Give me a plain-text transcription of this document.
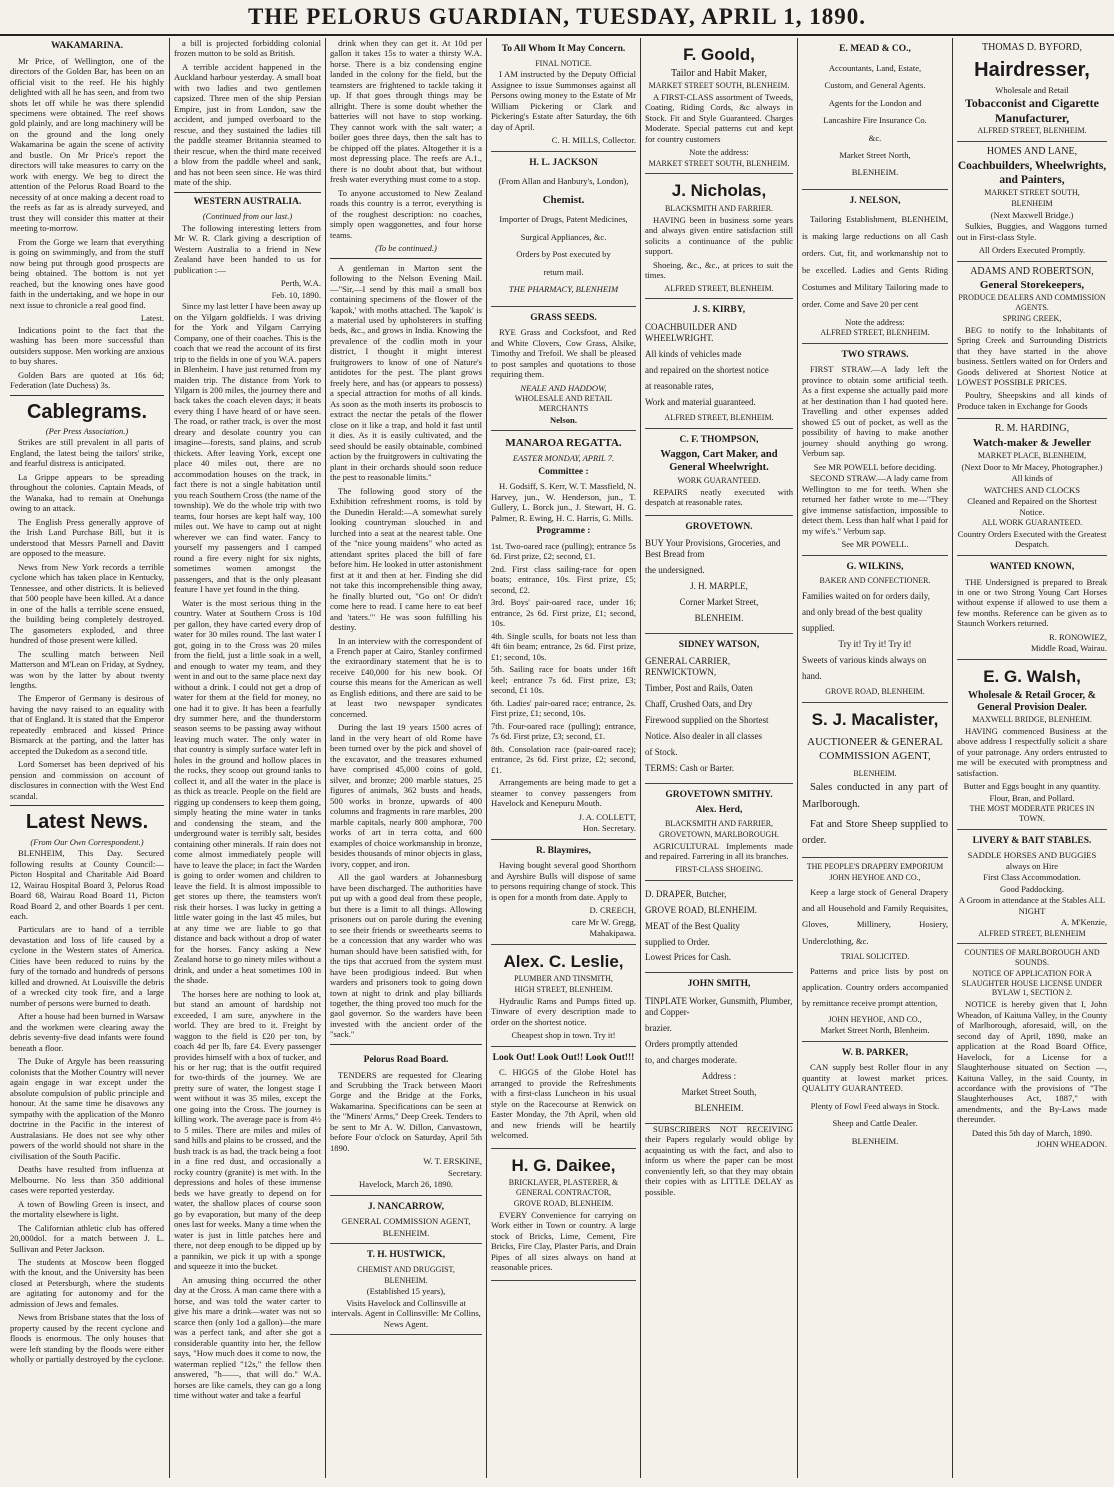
THE PELORUS GUARDIAN, TUESDAY, APRIL 1, 1890.
WAKAMARINA.

Mr Price, of Wellington, one of the directors of the Golden Bar, has been on an official visit to the reef. He his highly delighted with all he has seen, and from two shots let off while he was there splendid specimens were obtained. The reef shows gold plainly, and are long machinery will be on the ground and the long onely Wakamarina be again the scene of activity and bustle. On Mr Price's report the directors will take measures to carry on the work with energy. We beg to direct the attention of the Pelorus Road Board to the necessity of at once making a decent road to the reefs as far as is already surveyed, and trust they will consider this matter at their meeting to-morrow.

From the Gorge we learn that everything is going on swimmingly, and from the stuff now being put through good prospects are being obtained. The bottom is not yet reached, but the knowing ones have good faith in the undertaking, and we hope in our next issue to chronicle a real good find.

Latest.

Indications point to the fact that the washing has been more successful than outsiders suppose. Men working are anxious to buy shares.

Golden Bars are quoted at 16s 6d; Federation (late Duchess) 3s.

Cablegrams.
(Per Press Association.)

Strikes are still prevalent in all parts of England, the latest being the tailors' strike, and fearful distress is anticipated.

La Grippe appears to be spreading throughout the colonies. Captain Meads, of the Wanaka, had to remain at Onehunga owing to an attack.

The English Press generally approve of the Irish Land Purchase Bill, but it is understood that Messrs Parnell and Davitt are opposed to the measure.

News from New York records a terrible cyclone which has taken place in Kentucky, Tennessee, and other districts. It is believed that 500 people have been killed. At a dance in one of the halls a terrible scene ensued, the building being completely destroyed. The gasometers exploded, and three hundred of those present were killed.

The sculling match between Neil Matterson and M'Lean on Friday, at Sydney, was won by the latter by about twenty lengths.

The Emperor of Germany is desirous of having the navy raised to an equality with that of England. It is stated that the Emperor repeatedly embraced and kissed Prince Bismarck at the parting, and the latter has accepted the Dukedom as a second title.

Lord Somerset has been deprived of his pension and commission on account of disclosures in connection with the West End scandal.

Latest News.
(From Our Own Correspondent.)

BLENHEIM, This Day. Secured following results at County Council:—Picton Hospital and Charitable Aid Board 12, Wairau Hospital Board 3, Pelorus Road Board 68, Wairau Road Board 11, Picton Road Board 2, and other Boards 1 per cent. each.

Particulars are to hand of a terrible devastation and loss of life caused by a cyclone in the Western states of America. Cities have been reduced to ruins by the fury of the tornado and hundreds of persons killed and drowned. At Louisville the debris of a wrecked city took fire, and a large number of persons were burned to death.

After a house had been burned in Warsaw and the workmen were clearing away the debris seventy-five dead infants were found beneath a floor.

The Duke of Argyle has been reassuring colonists that the Mother Country will never again engage in war except under the absolute compulsion of public principle and honour. At the same time he disavows any sympathy with the application of the Monro doctrine in the Pacific in the interest of Australasians. He does not see why other powers of the world should not share in the civilisation of the South Pacific.

Deaths have resulted from influenza at Melbourne. No less than 350 additional cases were reported yesterday.

A town of Bowling Green is insect, and the mortality elsewhere is light.

The Californian athletic club has offered 20,000dol. for a match between J. L. Sullivan and Peter Jackson.

The students at Moscow been flogged with the knout, and the University has been closed at Petersburgh, where the students are agitating for autonomy and for the admission of Jews and females.

News from Brisbane states that the loss of property caused by the recent cyclone and floods is enormous. The only houses that were left standing by the floods were either wholly or partially destroyed by the cyclone.

a bill is projected forbidding colonial frozen mutton to be sold as British.

A terrible accident happened in the Auckland harbour yesterday. A small boat with two ladies and two gentlemen capsized. Three men of the ship Persian Empire, just in from London, saw the accident, and jumped overboard to the rescue, and they sustained the ladies till the paddle steamer Britannia steamed to their rescue, when the third mate received a blow from the paddle wheel and sank, and has not been seen since. He was third mate of the ship.

WESTERN AUSTRALIA.
(Continued from our last.)

The following interesting letters from Mr W. R. Clark giving a description of Western Australia to a friend in New Zealand have been handed to us for publication :—

Perth, W.A.
Feb. 10, 1890.

Since my last letter I have been away up on the Yilgarn goldfields. I was driving for the York and Yilgarn Carrying Company, one of their coaches. This is the coach that we read the account of its first trip to the fields in one of you W.A. papers in Blenheim. I have just returned from my maiden trip. The distance from York to Yilgarn is 200 miles, the journey there and back takes the coach eleven days; it beats every thing I have heard of or have seen. The road, or rather track, is over the most dreary and desolate country you can imagine—forests, sand plains, and scrub thickets. After leaving York, except one place 40 miles out, there are no accommodation houses on the track, in fact there is not a single habitation until you reach Southern Cross (the name of the township). We do the whole trip with two teams, four horses are kept half way, 100 miles out. We have to camp out at night wherever we can find water. Fancy to yourself my passengers and I camped round a fire every night for six nights, sometimes women amongst the passengers, and that is the only pleasant feature I have yet found in the thing.

Water is the most serious thing in the country. Water at Southern Cross is 10d per gallon, they have carted every drop of water for 30 miles round. The last water I got, going in to the Cross was 20 miles from the field, just a little soak in a well, and enough to water my team, and they went in and out to the same place next day without a drink. I could not get a drop of water for them at the field for money, no one had it to give. It has been a fearfully dry summer here, and the thunderstorm season seems to be passing away without leaving much water. The only water in that country is simply surface water left in holes in the ground and hollow places in the rocks, they scoop out ground tanks to collect it, and all the water in the place is as thick as treacle. People on the field are rigging up condensers to keep them going, simply heating the mine water in tanks and condensing the steam, and the underground water is terribly salt, besides containing other minerals. If rain does not come almost immediately people will have to leave the place; in fact the Warden is going to order women and children to leave the field. It is almost impossible to get stores up there, the teamsters won't risk their horses. I was lucky in getting a little water going in the last 45 miles, but at any time we are liable to go that distance and back without a drop of water for the horses. Fancy asking a New Zealand horse to go ninety miles without a drink, and under a heat sometimes 100 in the shade.

The horses here are nothing to look at, but stand an amount of hardship not exceeded, I am sure, anywhere in the world. They are bred to it. Freight by waggon to the field is £20 per ton, by coach 4d per lb, fare £4. Every passenger provides himself with a box of tucker, and his or her rug; that is the outfit required for two-thirds of the journey. We are pretty sure of water, the longest stage I went without it was 35 miles, except the one going into the Cross. The journey is killing work. The average pace is from 4½ to 5 miles. There are miles and miles of sand hills and plains to be crossed, and the bush track is as bad, the track being a foot in a fine red dust, and occasionally a rocky country (granite) is met with. In the depressions and holes of these immense beds we have greatly to depend on for water, the shallow places of course soon go by evaporation, but many of the deep ones last for weeks. Many a time when the water is just in little patches here and there, not deep enough to be dipped up by a pannikin, we pick it up with a sponge and squeeze it into the bucket.

An amusing thing occurred the other day at the Cross. A man came there with a horse, and was told the water carter to give his mare a drink—water was not so scarce then (only 1od a gallon)—the mare was a perfect tank, and after she got a considerable quantity into her, the fellow says, "How much does it come to now, the waterman replied "12s," the fellow then answered, "h——, that will do." W.A. horses are like camels, they can go a long time without water and take a fearful

drink when they can get it. At 10d per gallon it takes 15s to water a thirsty W.A. horse. There is a biz condensing engine landed in the colony for the field, but the teamsters are frightened to tackle taking it up. If that goes through things may be allright. There is some doubt whether the batteries will not have to stop working. They cannot work with the salt water; a boiler goes three days, then the salt has to be chipped off the plates. Altogether it is a most depressing place. The reefs are A.1., there is no doubt about that, but without fresh water everything must come to a stop.

To anyone accustomed to New Zealand roads this country is a terror, everything is of the roughest description: no coaches, simply open waggonettes, and four horse teams.

(To be continued.)

A gentleman in Marton sent the following to the Nelson Evening Mail. —"Sir,—I send by this mail a small box containing specimens of the flower of the 'kapok,' with moths attached. The 'kapok' is a material used by upholsterers in stuffing beds, &c., and grows in India. Knowing the prevalence of the codlin moth in your district, I thought it might interest fruitgrowers to know of one of Nature's antidotes for the pest. The plant grows freely here, and has (or appears to possess) a special attraction for moths of all kinds. As soon as the moth inserts its proboscis to extract the nectar the petals of the flower close on it like a trap, and hold it fast until it dies. As it is easily cultivated, and the seed should be easily obtainable, combined action by the fruitgrowers in cultivating the plant in their orchards should soon reduce the pest to reasonable limits."

The following good story of the Exhibition refreshment rooms, is told by the Dunedin Herald:—A somewhat surely looking countryman slouched in and lurched into a seat at the nearest table. One of the "nice young maidens" who acted as attendant sprites placed the bill of fare before him. He looked in utter astonishment first at it and then at her. Finding she did not take this incomprehensible thing away, he finally blurted out, "Go on! Or didn't come here to read. I came here to eat beef and 'taters.'" He was soon fulfilling his destiny.

In an interview with the correspondent of a French paper at Cairo, Stanley confirmed the extraordinary statement that he is to receive £40,000 for his new book. Of course this means for the American as well as English editions, and there are said to be at least two newspaper syndicates concerned.

During the last 19 years 1500 acres of land in the very heart of old Rome have been turned over by the pick and shovel of the excavator, and the treasures exhumed have comprised 45,000 coins of gold, silver, and bronze; 200 marble statues, 25 figures of animals, 362 busts and heads, 500 works in bronze, upwards of 400 columns and fragments in rare marbles, 200 marble capitals, nearly 800 amphoræ, 700 works of art in terra cotta, and 600 examples of choice workmanship in bronze, besides thousands of minor objects in glass, ivory, copper, and iron.

All the gaol warders at Johannesburg have been discharged. The authorities have put up with a good deal from these people, but there is a limit to all things. Allowing prisoners out on parole during the evening to see their friends or sweethearts seems to be a concession that any warder who was human should have been satisfied with, for the tips that accrued from the system must have been prodigious indeed. But when warders and prisoners took to going down town at night to drink and play billiards together, the thing proved too much for the gaol governor. So the warders have been invested with the ancient order of the "sack."

Pelorus Road Board.

TENDERS are requested for Clearing and Scrubbing the Track between Maori Gorge and the Bridge at the Forks, Wakamarina. Specifications can be seen at the "Miners' Arms," Deep Creek. Tenders to be sent to Mr A. W. Dillon, Canvastown, before Four o'clock on Saturday, April 5th 1890.

W. T. ERSKINE,
Secretary.
Havelock, March 26, 1890.
J. NANCARROW,
GENERAL COMMISSION AGENT,
BLENHEIM.
T. H. HUSTWICK,
CHEMIST AND DRUGGIST,
BLENHEIM.
(Established 15 years),
Visits Havelock and Collinsville at intervals. Agent in Collinsville: Mr Collins, News Agent.
To All Whom It May Concern.
FINAL NOTICE.

I AM instructed by the Deputy Official Assignee to issue Summonses against all Persons owing money to the Estate of Mr William Pickering or Clark and Pickering's Estate after Saturday, the 6th day of April.

C. H. MILLS, Collector.
H. L. JACKSON
(From Allan and Hanbury's, London),
Chemist.
Importer of Drugs, Patent Medicines,
Surgical Appliances, &c.
Orders by Post executed by
return mail.
THE PHARMACY, BLENHEIM
GRASS SEEDS.

RYE Grass and Cocksfoot, and Red and White Clovers, Cow Grass, Alsike, Timothy and Trefoil. We shall be pleased to post samples and quotations to those requiring them.

NEALE AND HADDOW,
WHOLESALE AND RETAIL MERCHANTS
Nelson.
MANAROA REGATTA.
EASTER MONDAY, APRIL 7.
Committee :

H. Godsiff, S. Kerr, W. T. Massfield, N. Harvey, jun., W. Henderson, jun., T. Gullery, L. Borck jun., J. Stewart, H. G. Palmer, R. Ewing, H. C. Harris, G. Mills.

Programme :
1st. Two-oared race (pulling); entrance 5s 6d. First prize, £2; second, £1.
2nd. First class sailing-race for open boats; entrance, 10s. First prize, £5; second, £2.
3rd. Boys' pair-oared race, under 16; entrance, 2s 6d. First prize, £1; second, 10s.
4th. Single sculls, for boats not less than 4ft 6in beam; entrance, 2s 6d. First prize, £1; second, 10s.
5th. Sailing race for boats under 16ft keel; entrance 7s 6d. First prize, £3; second, £1 10s.
6th. Ladies' pair-oared race; entrance, 2s. First prize, £1; second, 10s.
7th. Four-oared race (pulling); entrance, 7s 6d. First prize, £3; second, £1.
8th. Consolation race (pair-oared race); entrance, 2s 6d. First prize, £2; second, £1.

Arrangements are being made to get a steamer to convey passengers from Havelock and Kenepuru Mouth.

J. A. COLLETT,
Hon. Secretary.
R. Blaymires,

Having bought several good Shorthorn and Ayrshire Bulls will dispose of same to persons requiring change of stock. This is open for a month from date. Apply to

D. CREECH,
care Mr W. Gregg,
Mahakipawa.
Alex. C. Leslie,
PLUMBER AND TINSMITH,
HIGH STREET, BLENHEIM.

Hydraulic Rams and Pumps fitted up. Tinware of every description made to order on the shortest notice.

Cheapest shop in town. Try it!
Look Out! Look Out!! Look Out!!!

C. HIGGS of the Globe Hotel has arranged to provide the Refreshments with a first-class Luncheon in his usual style on the Racecourse at Renwick on Easter Monday, the 7th April, when old and new friends will be heartily welcomed.

H. G. Daikee,
BRICKLAYER, PLASTERER, & GENERAL CONTRACTOR,
GROVE ROAD, BLENHEIM.

EVERY Convenience for carrying on Work either in Town or country. A large stock of Bricks, Lime, Cement, Fire Bricks, Fire Clay, Plaster Paris, and Drain Pipes of all sizes always on hand at reasonable prices.

F. Goold,
Tailor and Habit Maker,
MARKET STREET SOUTH, BLENHEIM.

A FIRST-CLASS assortment of Tweeds, Coating, Riding Cords, &c always in Stock. Fit and Style Guaranteed. Charges Moderate. Special patterns cut and kept for country customers

Note the address:
MARKET STREET SOUTH, BLENHEIM.
J. Nicholas,
BLACKSMITH AND FARRIER.

HAVING been in business some years and always given entire satisfaction still solicits a continuance of the public support.

Shoeing, &c., &c., at prices to suit the times.

ALFRED STREET, BLENHEIM.
J. S. KIRBY,
COACHBUILDER AND WHEELWRIGHT.
All kinds of vehicles made
and repaired on the shortest notice
at reasonable rates,
Work and material guaranteed.
ALFRED STREET, BLENHEIM.
C. F. THOMPSON,
Waggon, Cart Maker, and General Wheelwright.
WORK GUARANTEED.

REPAIRS neatly executed with despatch at reasonable rates.

GROVETOWN.
BUY Your Provisions, Groceries, and Best Bread from
the undersigned.
J. H. MARPLE,
Corner Market Street,
BLENHEIM.
SIDNEY WATSON,
GENERAL CARRIER, RENWICKTOWN,
Timber, Post and Rails, Oaten
Chaff, Crushed Oats, and Dry
Firewood supplied on the Shortest
Notice. Also dealer in all classes
of Stock.
TERMS: Cash or Barter.
GROVETOWN SMITHY.
Alex. Herd,
BLACKSMITH AND FARRIER,
GROVETOWN, MARLBOROUGH.

AGRICULTURAL Implements made and repaired. Farrering in all its branches.

FIRST-CLASS SHOEING.
D. DRAPER, Butcher,
GROVE ROAD, BLENHEIM.
MEAT of the Best Quality
supplied to Order.
Lowest Prices for Cash.
JOHN SMITH,
TINPLATE Worker, Gunsmith, Plumber, and Copper-
brazier.
Orders promptly attended
to, and charges moderate.
Address :
Market Street South,
BLENHEIM.

SUBSCRIBERS NOT RECEIVING their Papers regularly would oblige by acquainting us with the fact, and also to inform us where the paper can be most conveniently left, so that they may obtain their copies with as LITTLE DELAY as possible.

E. MEAD & CO.,
Accountants, Land, Estate,
Custom, and General Agents.
Agents for the London and
Lancashire Fire Insurance Co.
&c.
Market Street North,
BLENHEIM.
J. NELSON,

Tailoring Establishment, BLENHEIM, is making large reductions on all Cash orders. Cut, fit, and workmanship not to be excelled. Ladies and Gents Riding Costumes and Military Tailoring made to order. Come and Save 20 per cent

Note the address:
ALFRED STREET, BLENHEIM.
TWO STRAWS.

FIRST STRAW.—A lady left the province to obtain some artificial teeth. As a first expense she actually paid more at her destination than I had quoted here. Travelling and other expenses added showed £5 out of pocket, as well as the possibility of having to make another journey should anything go wrong. Verbum sap.

See MR POWELL before deciding.

SECOND STRAW.—A lady came from Wellington to me for teeth. When she returned her father wrote to me—"They give immense satisfaction, impossible to detect them. Less than half what I paid for my wife's." Verbum sap.

See MR POWELL.
G. WILKINS,
BAKER AND CONFECTIONER.
Families waited on for orders daily,
and only bread of the best quality
supplied.
Try it! Try it! Try it!
Sweets of various kinds always on
hand.
GROVE ROAD, BLENHEIM.
S. J. Macalister,
AUCTIONEER & GENERAL COMMISSION AGENT,
BLENHEIM.

Sales conducted in any part of Marlborough.

Fat and Store Sheep supplied to order.

THE PEOPLE'S DRAPERY EMPORIUM
JOHN HEYHOE AND CO.,

Keep a large stock of General Drapery and all Household and Family Requisites, Gloves, Millinery, Hosiery, Underclothing, &c.

TRIAL SOLICITED.

Patterns and price lists by post on application. Country orders accompanied by remittance receive prompt attention,

JOHN HEYHOE, AND CO.,
Market Street North, Blenheim.
W. B. PARKER,

CAN supply best Roller flour in any quantity at lowest market prices. QUALITY GUARANTEED.

Plenty of Fowl Feed always in Stock.
Sheep and Cattle Dealer.
BLENHEIM.
THOMAS D. BYFORD,
Hairdresser,
Wholesale and Retail
Tobacconist and Cigarette Manufacturer,
ALFRED STREET, BLENHEIM.
HOMES AND LANE,
Coachbuilders, Wheelwrights, and Painters,
MARKET STREET SOUTH,
BLENHEIM
(Next Maxwell Bridge.)

Sulkies, Buggies, and Waggons turned out in First-class Style.

All Orders Executed Promptly.
ADAMS AND ROBERTSON,
General Storekeepers,
PRODUCE DEALERS AND COMMISSION AGENTS.
SPRING CREEK,

BEG to notify to the Inhabitants of Spring Creek and Surrounding Districts that they have started in the above business. Settlers waited on for Orders and Goods delivered at Shortest Notice at LOWEST POSSIBLE PRICES.

Poultry, Sheepskins and all kinds of Produce taken in Exchange for Goods

R. M. HARDING,
Watch-maker & Jeweller
MARKET PLACE, BLENHEIM,
(Next Door to Mr Macey, Photographer.)
All kinds of
WATCHES AND CLOCKS
Cleaned and Repaired on the Shortest Notice.
ALL WORK GUARANTEED.
Country Orders Executed with the Greatest Despatch.
WANTED KNOWN,

THE Undersigned is prepared to Break in one or two Strong Young Cart Horses without expense if allowed to use them a few months. Reference can be given as to Staunch Workers returned.

R. RONOWIEZ,
Middle Road, Wairau.
E. G. Walsh,
Wholesale & Retail Grocer, & General Provision Dealer.
MAXWELL BRIDGE, BLENHEIM.

HAVING commenced Business at the above address I respectfully solicit a share of your patronage. Any orders entrusted to me will be executed with promptness and satisfaction.

Butter and Eggs bought in any quantity.
Flour, Bran, and Pollard.
THE MOST MODERATE PRICES IN TOWN.
LIVERY & BAIT STABLES.
SADDLE HORSES AND BUGGIES always on Hire
First Class Accommodation.
Good Paddocking.
A Groom in attendance at the Stables ALL NIGHT
A. M'Kenzie,
ALFRED STREET, BLENHEIM
COUNTIES OF MARLBOROUGH AND SOUNDS.
NOTICE OF APPLICATION FOR A SLAUGHTER HOUSE LICENSE UNDER BYLAW 1, SECTION 2.

NOTICE is hereby given that I, John Wheadon, of Kaituna Valley, in the County of Marlborough, aforesaid, will, on the second day of April, 1890, make an application at the Road Board Office, Havelock, for a License for a Slaughterhouse situated on Section —, Kaituna Valley, in the said County, in accordance with the provisions of "The Slaughterhouses Act, 1887," with amendments, and the By-Laws made thereunder.

Dated this 5th day of March, 1890.
JOHN WHEADON.
